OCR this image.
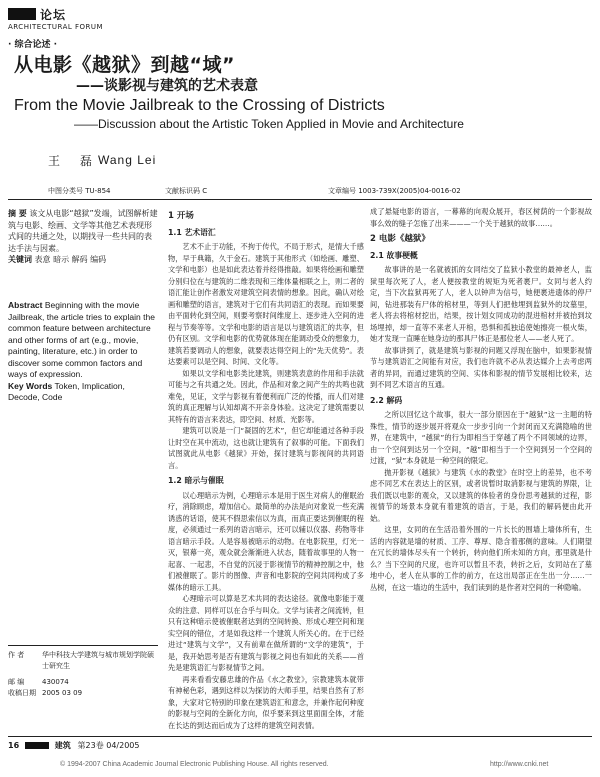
论坛
ARCHITECTURAL FORUM
· 综合论述 ·
从电影《越狱》到越“域”
——谈影视与建筑的艺术表意
From the Movie Jailbreak to the Crossing of Districts
——Discussion about the Artistic Token Applied in Movie and Architecture
王 磊
Wang Lei
中图分类号 TU-854	文献标识码 C	文章编号 1003-739X(2005)04-0016-02
摘 要 该文从电影“越狱”发端，试图解析建筑与电影、绘画、文学等其他艺术表现形式间的共通之处，以期找寻一些共同的表达手法与因素。
关键词 表意 暗示 解码 编码
Abstract Beginning with the movie Jailbreak, the article tries to explain the common feature between architecture and other forms of art (e.g., movie, painting, literature, etc.) in order to discover some common factors and ways of expression.
Key Words Token, Implication, Decode, Code
作 者	华中科技大学建筑与城市规划学院硕士研究生
邮 编	430074
收稿日期 2005 03 09
1 开场
1.1 艺术语汇

艺术不止于功能，不拘于传代，不局于形式，是情大千感物，早于典籍，久于金石。建筑于其他形式（如绘画、雕塑、文学和电影）也是如此表达着并经得推敲。如果将绘画和雕塑分别归位在与建筑的二维表现和三维体量相联之上，则二者的语汇能让创作者激发对建筑空间表情的想象。因此，确认对绘画和雕塑的语言，建筑对于它们有共同语汇的表现。而如果要由平面转化到空间，则要考察时间维度上、逐步进入空间的进程与节奏等等。文学和电影的语言是以与建筑语汇的共享，但仍有区别。文学和电影的优势就体现在能调动受众的想象力，建筑若要调动人的想象，就要表达得空间上的“先天优势”。表达要素可以是空间、时间、文化等。

如果以文学和电影类比建筑，则建筑表意的作用和手法就可能与之有共通之处。因此，作品和对象之间产生的共鸣也就难免，见证，文学与影视有着便利而广泛的传播，而人们对建筑的真正理解与认知却离不开亲身体验。这决定了建筑需要以其特有的语言来表达，即空间、材质、光影等。

建筑可以说是一门“凝固的艺术”，但它却能通过各种手段让时空在其中流动，这也就让建筑有了叙事的可能。下面我们试图就此从电影《越狱》开始，探讨建筑与影视间的共同语言。

1.2 暗示与催眠

以心理暗示为例，心理暗示本是用于医生对病人的催眠治疗，消除顾虑，增加信心。最简单的办法是向对象说一些充满诱惑的话语，使其不假思索信以为真，而真正要达到催眠的程度，必须通过一系列的语言暗示，还可以辅以仪器、药物等非语言暗示手段。人是容易被暗示的动物。在电影院里，灯光一灭，银幕一亮，观众就会渐渐进入状态，随着故事里的人物一起喜、一起悲，不自觉的沉浸于影视情节的精神控制之中，他们被催眠了。影片的图像、声音和电影院的空间共同构成了多媒体的暗示工具。

心理暗示可以算是艺术共同的表达途径。就像电影能于观众的注意、同样可以在合乎与叫众。文学与读者之间流转，但只有这种暗示使被催眠者达到的空间转换、形成心理空间和现实空间的错位，才是如我这样一个建筑人所关心的。在于已经进过“建筑与文学”，又有前辈在做所谓的“文学的建筑”，于是，我开始思考是否有建筑与影视之间也有如此的关系——首先是建筑语汇与影视情节之间。

再来看看安藤忠雄的作品《水之教堂》，宗教建筑本就带有神秘色彩，遇到这样以为探访的大师手里，结果自然有了形象，大家对它特别的印象在建筑语汇和意念，并兼作起何种度的影视与空间的全新化方向，似乎要来到这里面面全体，才能在长达的到达而后成为了这样的建筑空间表情。

成了悬疑电影的语言，一幕幕的向观众展开，春区树荫的一个影视故事么效的缝子怎施了出来———一个关于越狱的故事……。

2 电影《越狱》
2.1 故事梗概

故事讲的是一名就被抓的女同结交了监狱小教堂的最神老人，监狱里每次死了人，老人便按教堂的规矩为死者裹尸。女同与老人约定，当下次监狱再死了人，老人以钟声为信号，她便裹进遗体的停尸间，钻进那装有尸体的棺材里，等到人们把他埋到监狱外的坟墓里，老人将去将棺材挖出，结果，按计划女同成功的混进棺材并被抬到坟场埋掉，却一直等不来老人开棺，恐惧和孤独追使她擦亮一根火柴，她才发现一直睡在她身边的那具尸体正是那位老人——老人死了。

故事讲到了，就是建筑与影视的问题又浮现在脑中，如果影视情节与建筑语汇之间能有对应，我们也许就不必从表达媒介上去考虑两者的异同，而通过建筑的空间、实体和影视的情节发展相比较来，达到不同艺术语言的互通。

2.2 解码

之所以回忆这个故事，很大一部分原因在于“越狱”这一主题的特殊性，情节的逐步展开将观众一步步引向一个封闭而又充满隐喻的世界，在建筑中，“越狱”的行为即相当于穿越了两个不同领域的边界，由一个空间到达另一个空间，“越”即相当于一个空间到另一个空间的过渡，“狱”本身就是一种空间的限定。

抛开影视《越狱》与建筑《水的教堂》在时空上的差异，也不考虑不同艺术在表达上的区别，或者说暂时取消影视与建筑的界限，让我们既以电影的观众，又以建筑的体验者的身份思考越狱的过程，影视情节的场景本身就有着建筑的语言，于是，我们的解码便由此开始。

这里，女同的在生活沿着外围的一片长长的围墙上墙体所有，生活的内容就是墙的材质、工序、尊厚、隐含着那侧的意味。人们期望在冗长的墙体尽头有一个转折，转向他们所未知的方向，那里就是什么？当下空间的尺度，也许可以暂且不表，转折之后，女同站在了墓地中心，老人在从事的工作的前方，在这出局部正在生出一分……一丛树，在这一墙边的生活中，我们读到的是作者对空间的一种隐喻。

16	建筑 第23卷 04/2005
© 1994-2007 China Academic Journal Electronic Publishing House. All rights reserved.	http://www.cnki.net
